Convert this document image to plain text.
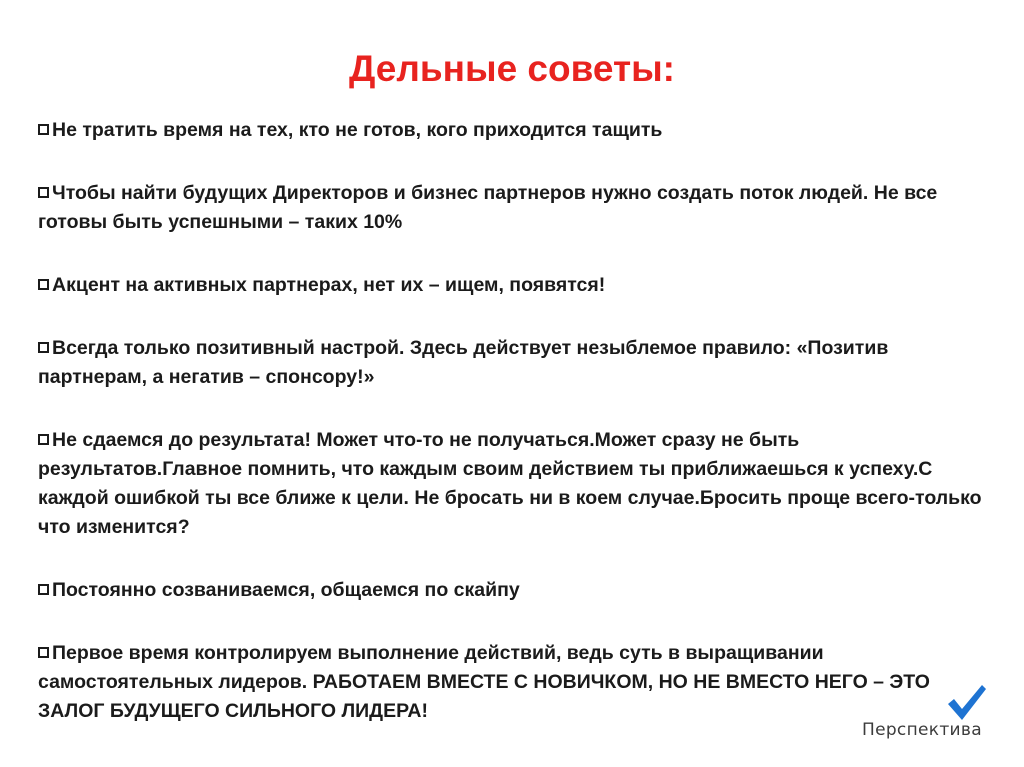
Дельные советы:
Не тратить время на тех, кто не готов, кого приходится тащить
Чтобы найти будущих Директоров и бизнес партнеров нужно создать поток людей. Не все готовы быть успешными – таких 10%
Акцент на активных партнерах, нет их – ищем, появятся!
Всегда только позитивный настрой. Здесь действует незыблемое правило: «Позитив партнерам, а негатив – спонсору!»
Не сдаемся до результата! Может что-то не получаться.Может сразу не быть результатов.Главное помнить, что каждым своим действием ты приближаешься к успеху.С каждой ошибкой ты все ближе к цели. Не бросать ни в коем случае.Бросить проще всего-только что изменится?
Постоянно созваниваемся, общаемся по скайпу
Первое время контролируем выполнение действий, ведь суть в выращивании самостоятельных лидеров. РАБОТАЕМ ВМЕСТЕ С НОВИЧКОМ, НО НЕ ВМЕСТО НЕГО – ЭТО ЗАЛОГ БУДУЩЕГО СИЛЬНОГО ЛИДЕРА!
Перспектива
